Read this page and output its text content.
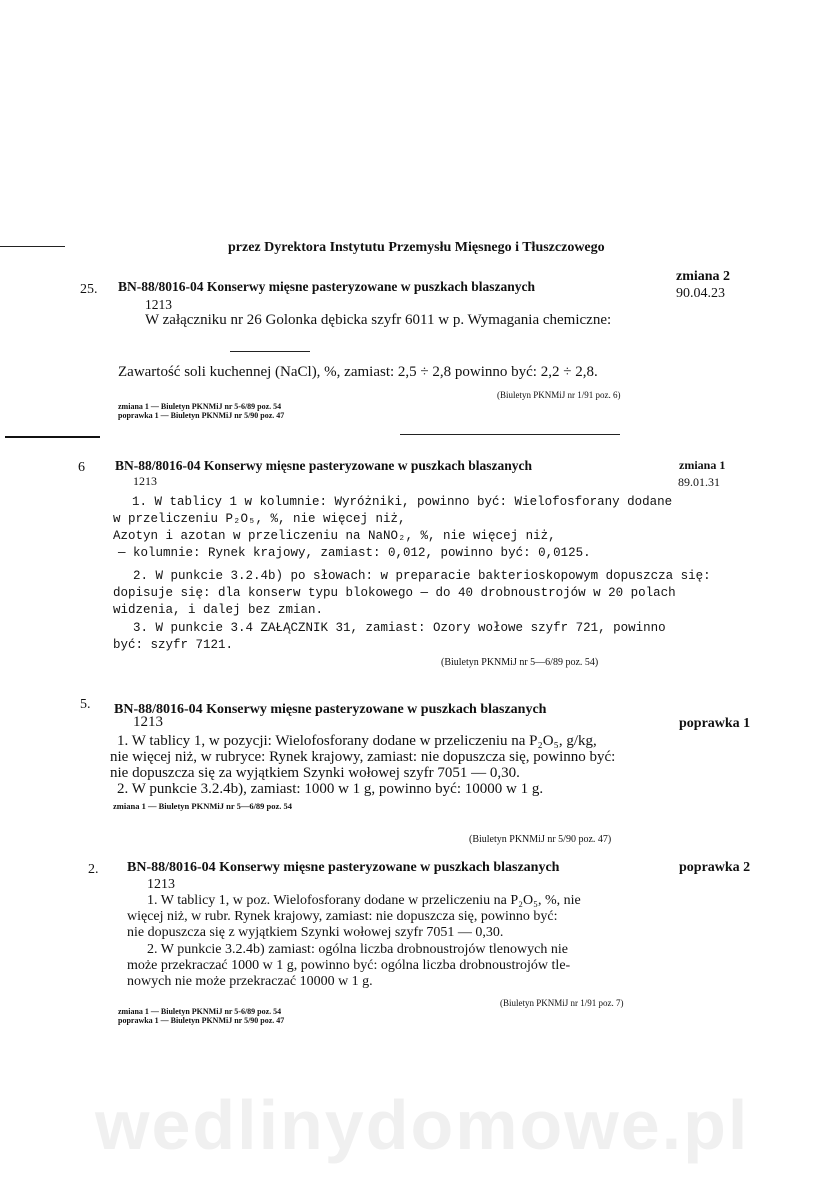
przez Dyrektora Instytutu Przemysłu Mięsnego i Tłuszczowego
25. BN-88/8016-04 Konserwy mięsne pasteryzowane w puszkach blaszanych
zmiana 2
90.04.23
1213
W załączniku nr 26 Golonka dębicka szyfr 6011 w p. Wymagania chemiczne:
Zawartość soli kuchennej (NaCl), %, zamiast: 2,5 ÷ 2,8 powinno być: 2,2 ÷ 2,8.
(Biuletyn PKNMiJ nr 1/91 poz. 6)
zmiana 1 — Biuletyn PKNMiJ nr 5-6/89 poz. 54
poprawka 1 — Biuletyn PKNMiJ nr 5/90 poz. 47
6 BN-88/8016-04 Konserwy mięsne pasteryzowane w puszkach blaszanych	zmiana 1
89.01.31
1213
1. W tablicy 1 w kolumnie: Wyróżniki, powinno być: Wielofosforany dodane
w przeliczeniu P₂O₅, %, nie więcej niż,
Azotyn i azotan w przeliczeniu na NaNO₂, %, nie więcej niż,
— kolumnie: Rynek krajowy, zamiast: 0,012, powinno być: 0,0125.
2. W punkcie 3.2.4b) po słowach: w preparacie bakterioskopowym dopuszcza się:
dopisuje się: dla konserw typu blokowego — do 40 drobnoustrojów w 20 polach
widzenia, i dalej bez zmian.
3. W punkcie 3.4 ZAŁĄCZNIK 31, zamiast: Ozory wołowe szyfr 721, powinno
być: szyfr 7121.
(Biuletyn PKNMiJ nr 5—6/89 poz. 54)
5. BN-88/8016-04 Konserwy mięsne pasteryzowane w puszkach blaszanych
poprawka 1
1213
1. W tablicy 1, w pozycji: Wielofosforany dodane w przeliczeniu na P₂O₅, g/kg,
nie więcej niż, w rubryce: Rynek krajowy, zamiast: nie dopuszcza się, powinno być:
nie dopuszcza się za wyjątkiem Szynki wołowej szyfr 7051 — 0,30.
2. W punkcie 3.2.4b), zamiast: 1000 w 1 g, powinno być: 10000 w 1 g.
zmiana 1 — Biuletyn PKNMiJ nr 5—6/89 poz. 54
(Biuletyn PKNMiJ nr 5/90 poz. 47)
2. BN-88/8016-04 Konserwy mięsne pasteryzowane w puszkach blaszanych	poprawka 2
1213
1. W tablicy 1, w poz. Wielofosforany dodane w przeliczeniu na P₂O₅, %, nie
więcej niż, w rubr. Rynek krajowy, zamiast: nie dopuszcza się, powinno być:
nie dopuszcza się z wyjątkiem Szynki wołowej szyfr 7051 — 0,30.
2. W punkcie 3.2.4b) zamiast: ogólna liczba drobnoustrojów tlenowych nie
może przekraczać 1000 w 1 g, powinno być: ogólna liczba drobnoustrojów tle-
nowych nie może przekraczać 10000 w 1 g.
(Biuletyn PKNMiJ nr 1/91 poz. 7)
zmiana 1 — Biuletyn PKNMiJ nr 5-6/89 poz. 54
poprawka 1 — Biuletyn PKNMiJ nr 5/90 poz. 47
wedlinydomowe.pl
